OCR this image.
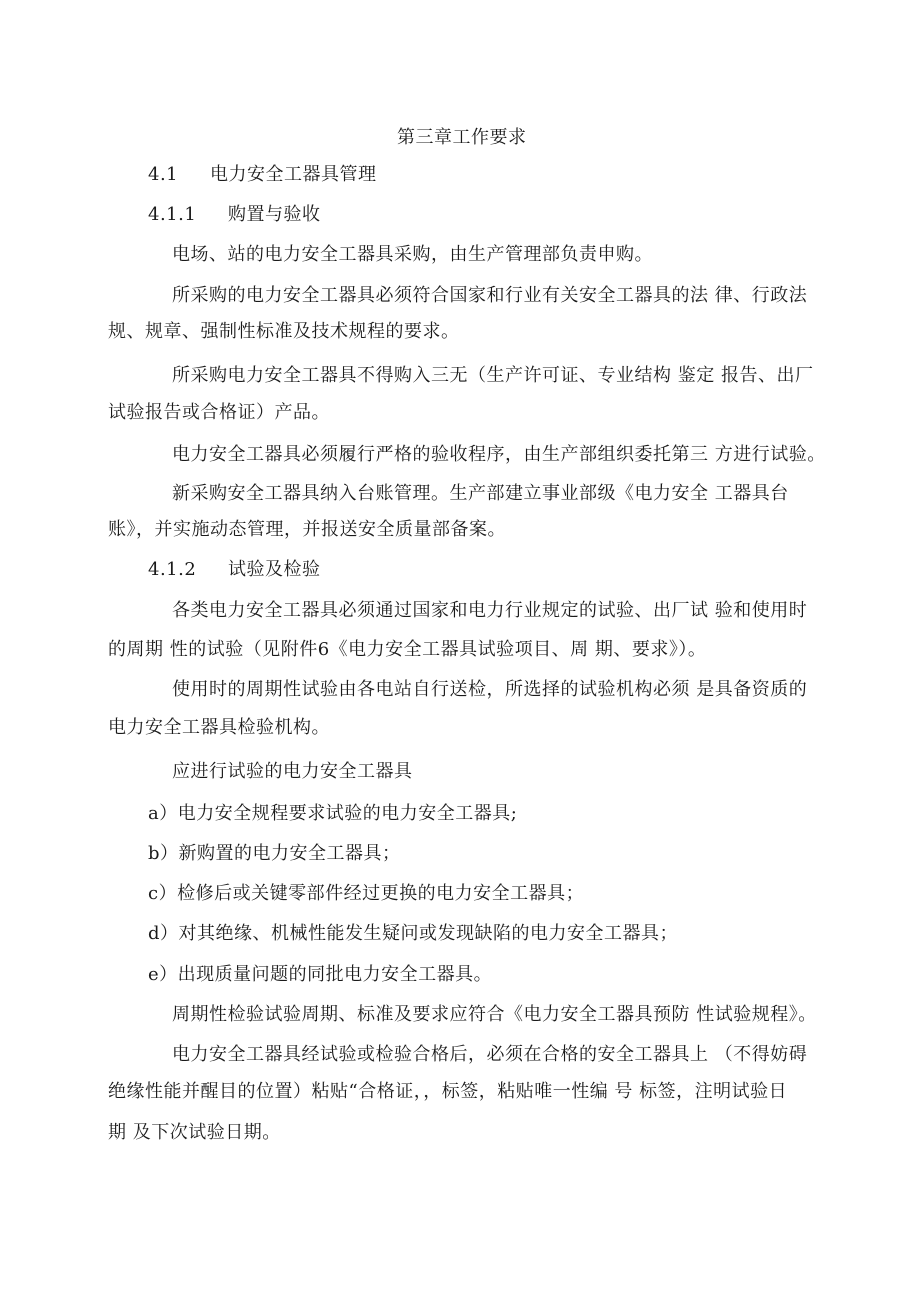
第三章工作要求
4.1 电力安全工器具管理
4.1.1 购置与验收
电场、站的电力安全工器具采购，由生产管理部负责申购。
所采购的电力安全工器具必须符合国家和行业有关安全工器具的法 律、行政法
规、规章、强制性标准及技术规程的要求。
所采购电力安全工器具不得购入三无（生产许可证、专业结构 鉴定 报告、出厂
试验报告或合格证）产品。
电力安全工器具必须履行严格的验收程序，由生产部组织委托第三 方进行试验。
新采购安全工器具纳入台账管理。生产部建立事业部级《电力安全 工器具台
账》，并实施动态管理，并报送安全质量部备案。
4.1.2 试验及检验
各类电力安全工器具必须通过国家和电力行业规定的试验、出厂试 验和使用时
的周期 性的试验（见附件6《电力安全工器具试验项目、周 期、要求》）。
使用时的周期性试验由各电站自行送检，所选择的试验机构必须 是具备资质的
电力安全工器具检验机构。
应进行试验的电力安全工器具
a）电力安全规程要求试验的电力安全工器具;
b）新购置的电力安全工器具；
c）检修后或关键零部件经过更换的电力安全工器具；
d）对其绝缘、机械性能发生疑问或发现缺陷的电力安全工器具；
e）出现质量问题的同批电力安全工器具。
周期性检验试验周期、标准及要求应符合《电力安全工器具预防 性试验规程》。
电力安全工器具经试验或检验合格后，必须在合格的安全工器具上 （不得妨碍
绝缘性能并醒目的位置）粘贴“合格证，，标签，粘贴唯一性编 号 标签，注明试验日
期 及下次试验日期。
